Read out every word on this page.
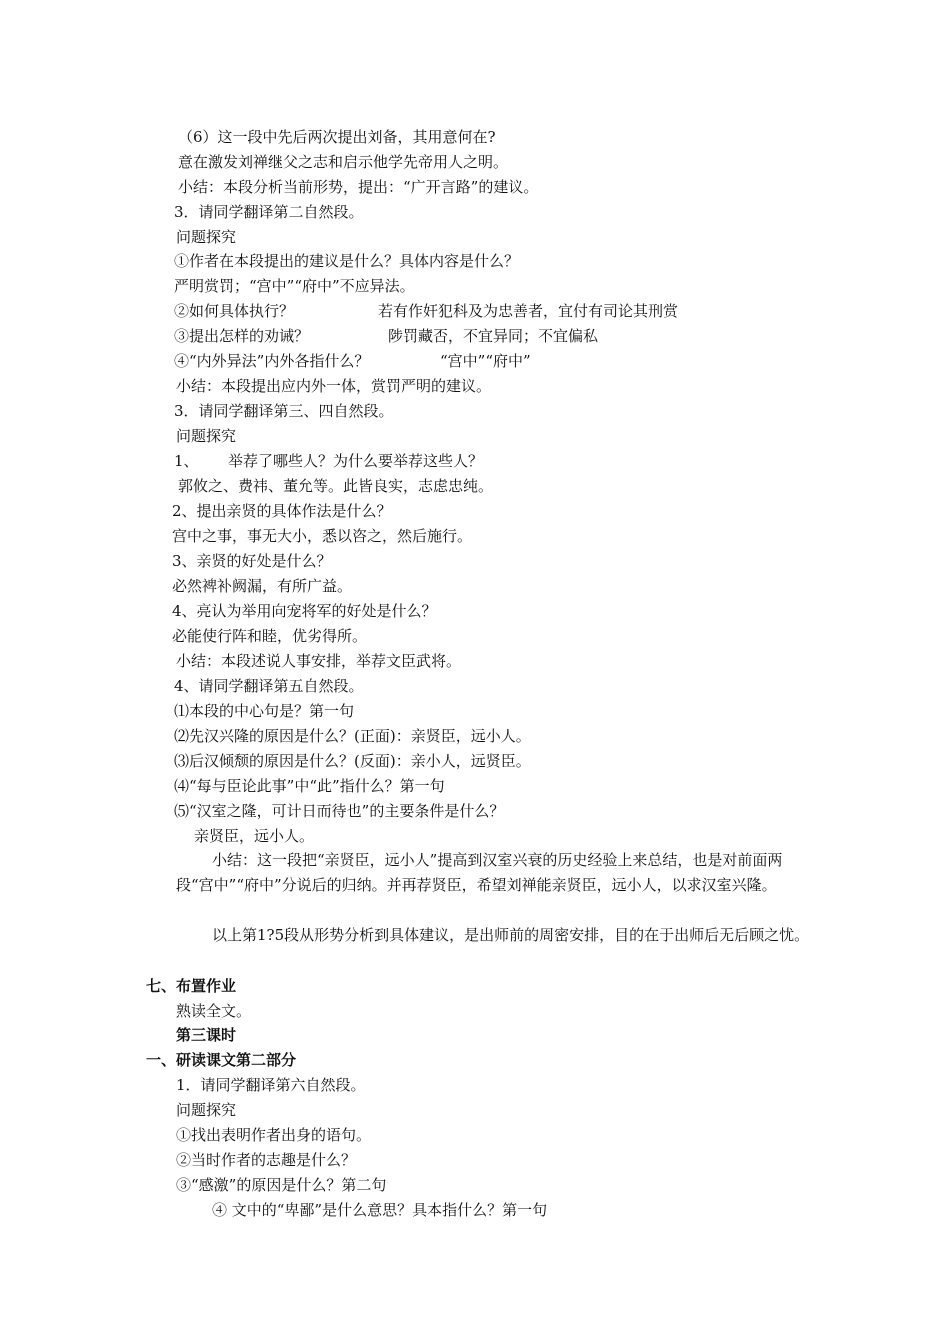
（6）这一段中先后两次提出刘备，其用意何在?
意在激发刘禅继父之志和启示他学先帝用人之明。
小结：本段分析当前形势，提出：“广开言路”的建议。
3．请同学翻译第二自然段。
问题探究
①作者在本段提出的建议是什么？具体内容是什么？
严明赏罚；“宫中”“府中”不应异法。
②如何具体执行？	若有作奸犯科及为忠善者，宜付有司论其刑赏
③提出怎样的劝诫？	陟罚藏否，不宜异同；不宜偏私
④“内外异法”内外各指什么？	“宫中”“府中”
小结：本段提出应内外一体，赏罚严明的建议。
3．请同学翻译第三、四自然段。
问题探究
1、 举荐了哪些人？为什么要举荐这些人？
郭攸之、费祎、董允等。此皆良实，志虑忠纯。
2、提出亲贤的具体作法是什么？
宫中之事，事无大小，悉以咨之，然后施行。
3、亲贤的好处是什么？
必然裨补阙漏，有所广益。
4、亮认为举用向宠将军的好处是什么？
必能使行阵和睦，优劣得所。
小结：本段述说人事安排，举荐文臣武将。
4、请同学翻译第五自然段。
⑴本段的中心句是？第一句
⑵先汉兴隆的原因是什么？(正面)：亲贤臣，远小人。
⑶后汉倾颓的原因是什么？(反面)：亲小人，远贤臣。
⑷“每与臣论此事”中“此”指什么？第一句
⑸“汉室之隆，可计日而待也”的主要条件是什么？
亲贤臣，远小人。
小结：这一段把“亲贤臣，远小人”提高到汉室兴衰的历史经验上来总结，也是对前面两段“宫中”“府中”分说后的归纳。并再荐贤臣，希望刘禅能亲贤臣，远小人，以求汉室兴隆。
以上第1?5段从形势分析到具体建议，是出师前的周密安排，目的在于出师后无后顾之忧。
七、布置作业
熟读全文。
第三课时
一、研读课文第二部分
1．请同学翻译第六自然段。
问题探究
①找出表明作者出身的语句。
②当时作者的志趣是什么？
③“感激”的原因是什么？第二句
④ 文中的“卑鄙”是什么意思？具本指什么？第一句
